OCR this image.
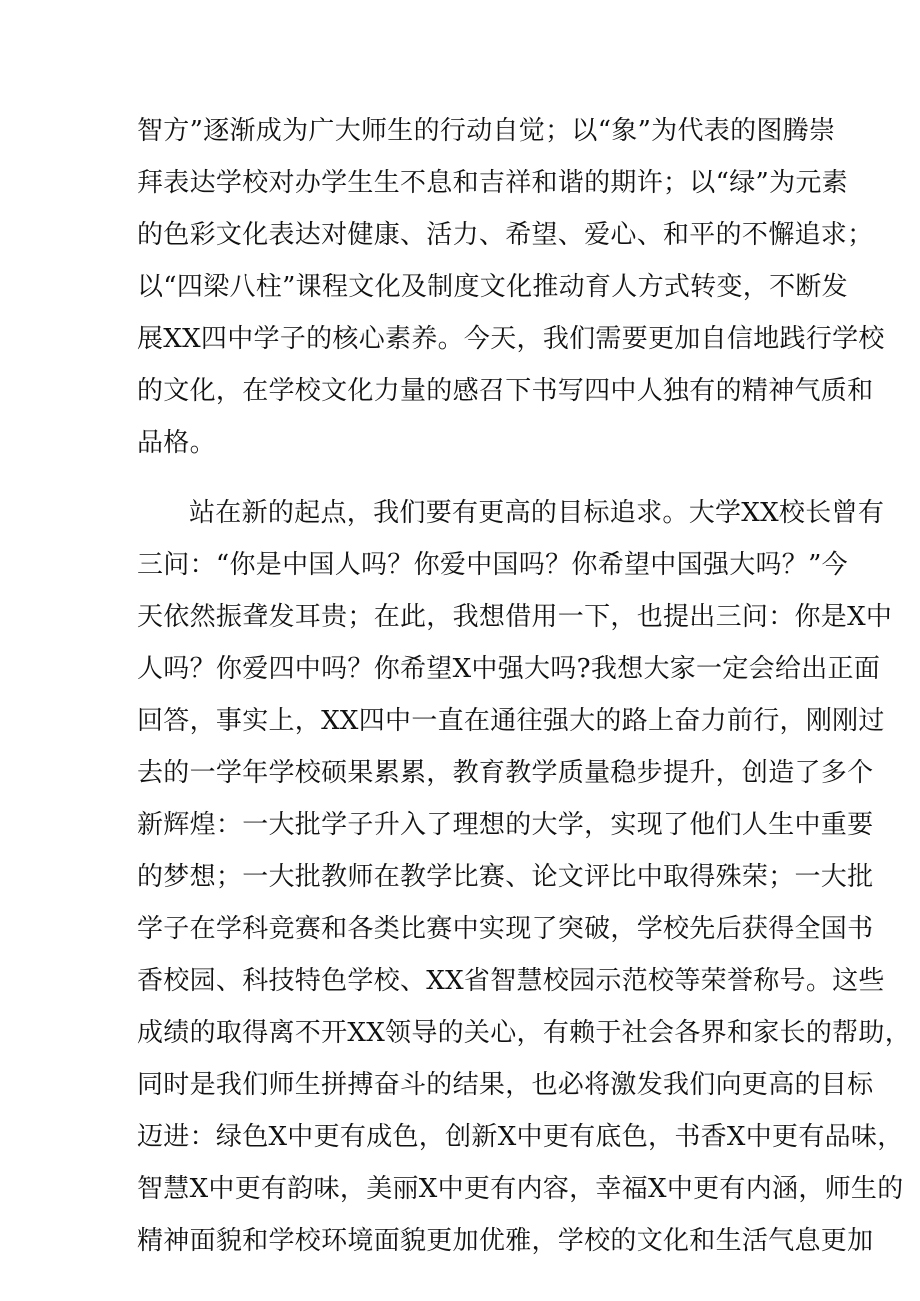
智方”逐渐成为广大师生的行动自觉；以“象”为代表的图腾崇
拜表达学校对办学生生不息和吉祥和谐的期许；以“绿”为元素
的色彩文化表达对健康、活力、希望、爱心、和平的不懈追求；
以“四梁八柱”课程文化及制度文化推动育人方式转变，不断发
展XX四中学子的核心素养。今天，我们需要更加自信地践行学校
的文化，在学校文化力量的感召下书写四中人独有的精神气质和
品格。
站在新的起点，我们要有更高的目标追求。大学XX校长曾有
三问：“你是中国人吗？你爱中国吗？你希望中国强大吗？”今
天依然振聋发耳贵；在此，我想借用一下，也提出三问：你是X中
人吗？你爱四中吗？你希望X中强大吗?我想大家一定会给出正面
回答，事实上，XX四中一直在通往强大的路上奋力前行，刚刚过
去的一学年学校硕果累累，教育教学质量稳步提升，创造了多个
新辉煌：一大批学子升入了理想的大学，实现了他们人生中重要
的梦想；一大批教师在教学比赛、论文评比中取得殊荣；一大批
学子在学科竞赛和各类比赛中实现了突破，学校先后获得全国书
香校园、科技特色学校、XX省智慧校园示范校等荣誉称号。这些
成绩的取得离不开XX领导的关心，有赖于社会各界和家长的帮助，
同时是我们师生拼搏奋斗的结果，也必将激发我们向更高的目标
迈进：绿色X中更有成色，创新X中更有底色，书香X中更有品味，
智慧X中更有韵味，美丽X中更有内容，幸福X中更有内涵，师生的
精神面貌和学校环境面貌更加优雅，学校的文化和生活气息更加
